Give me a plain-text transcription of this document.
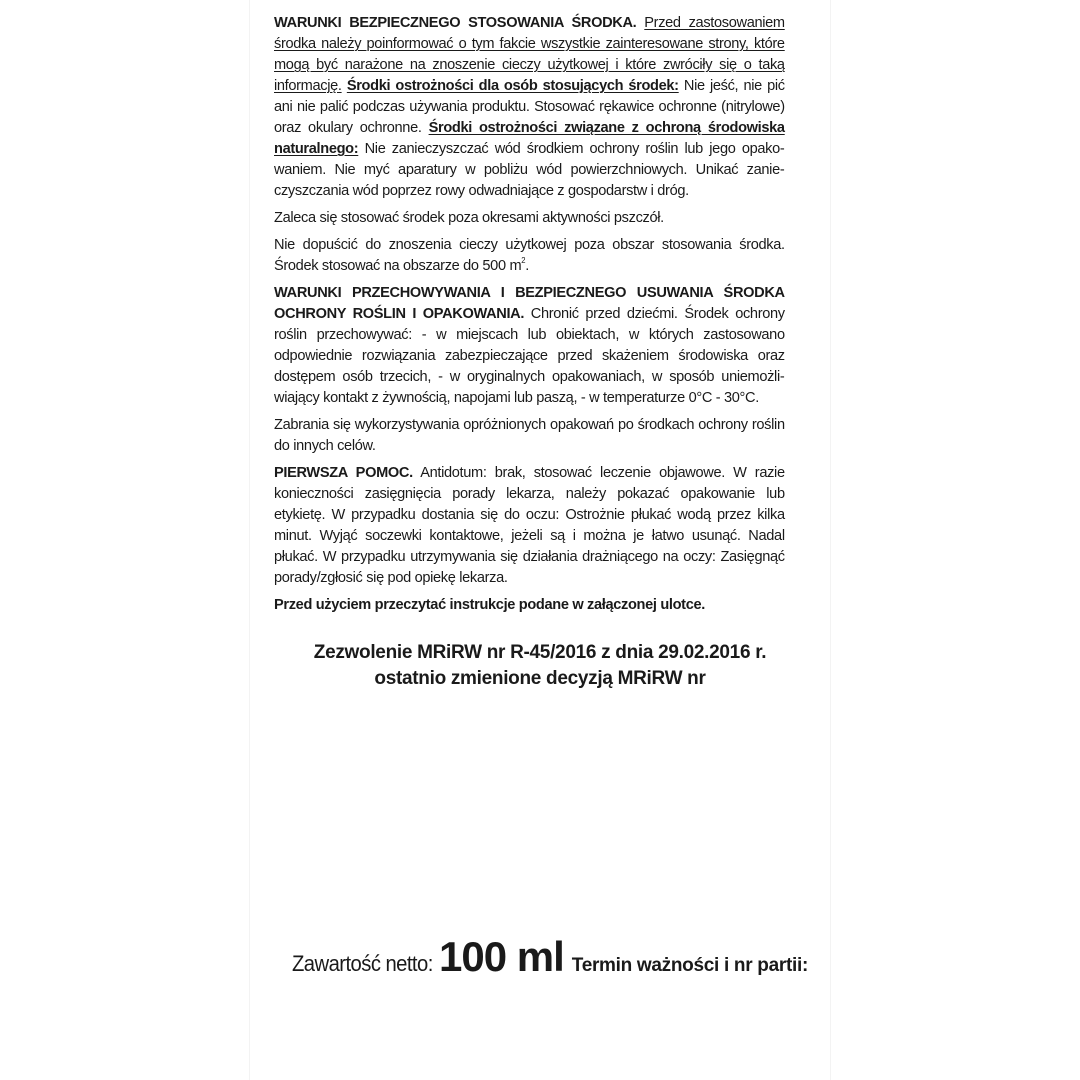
WARUNKI BEZPIECZNEGO STOSOWANIA ŚRODKA. Przed zastosowaniem środka należy poinformować o tym fakcie wszystkie zainteresowane strony, które mogą być narażone na znoszenie cieczy użytkowej i które zwróciły się o taką informację. Środki ostrożności dla osób stosujących środek: Nie jeść, nie pić ani nie palić podczas używania produktu. Stosować rękawice ochronne (nitrylowe) oraz okulary ochronne. Środki ostrożności związane z ochroną środowiska naturalnego: Nie zanieczyszczać wód środkiem ochrony roślin lub jego opakowaniem. Nie myć aparatury w pobliżu wód powierzchniowych. Unikać zanieczyszczania wód poprzez rowy odwadniające z gospodarstw i dróg.

Zaleca się stosować środek poza okresami aktywności pszczół.

Nie dopuścić do znoszenia cieczy użytkowej poza obszar stosowania środka. Środek stosować na obszarze do 500 $m^2$.

WARUNKI PRZECHOWYWANIA I BEZPIECZNEGO USUWANIA ŚRODKA OCHRONY ROŚLIN I OPAKOWANIA. Chronić przed dziećmi. Środek ochrony roślin przechowywać: - w miejscach lub obiektach, w których zastosowano odpowiednie rozwiązania zabezpieczające przed skażeniem środowiska oraz dostępem osób trzecich, - w oryginalnych opakowaniach, w sposób uniemożliwiający kontakt z żywnością, napojami lub paszą, - w temperaturze 0°C - 30°C.

Zabrania się wykorzystywania opróżnionych opakowań po środkach ochrony roślin do innych celów.

PIERWSZA POMOC. Antidotum: brak, stosować leczenie objawowe. W razie konieczności zasięgnięcia porady lekarza, należy pokazać opakowanie lub etykietę. W przypadku dostania się do oczu: Ostrożnie płukać wodą przez kilka minut. Wyjąć soczewki kontaktowe, jeżeli są i można je łatwo usunąć. Nadal płukać. W przypadku utrzymywania się działania drażniącego na oczy: Zasięgnąć porady/zgłosić się pod opiekę lekarza.

Przed użyciem przeczytać instrukcje podane w załączonej ulotce.

Zezwolenie MRiRW nr R-45/2016 z dnia 29.02.2016 r.
ostatnio zmienione decyzją MRiRW nr
Zawartość netto: 100 ml Termin ważności i nr partii:
